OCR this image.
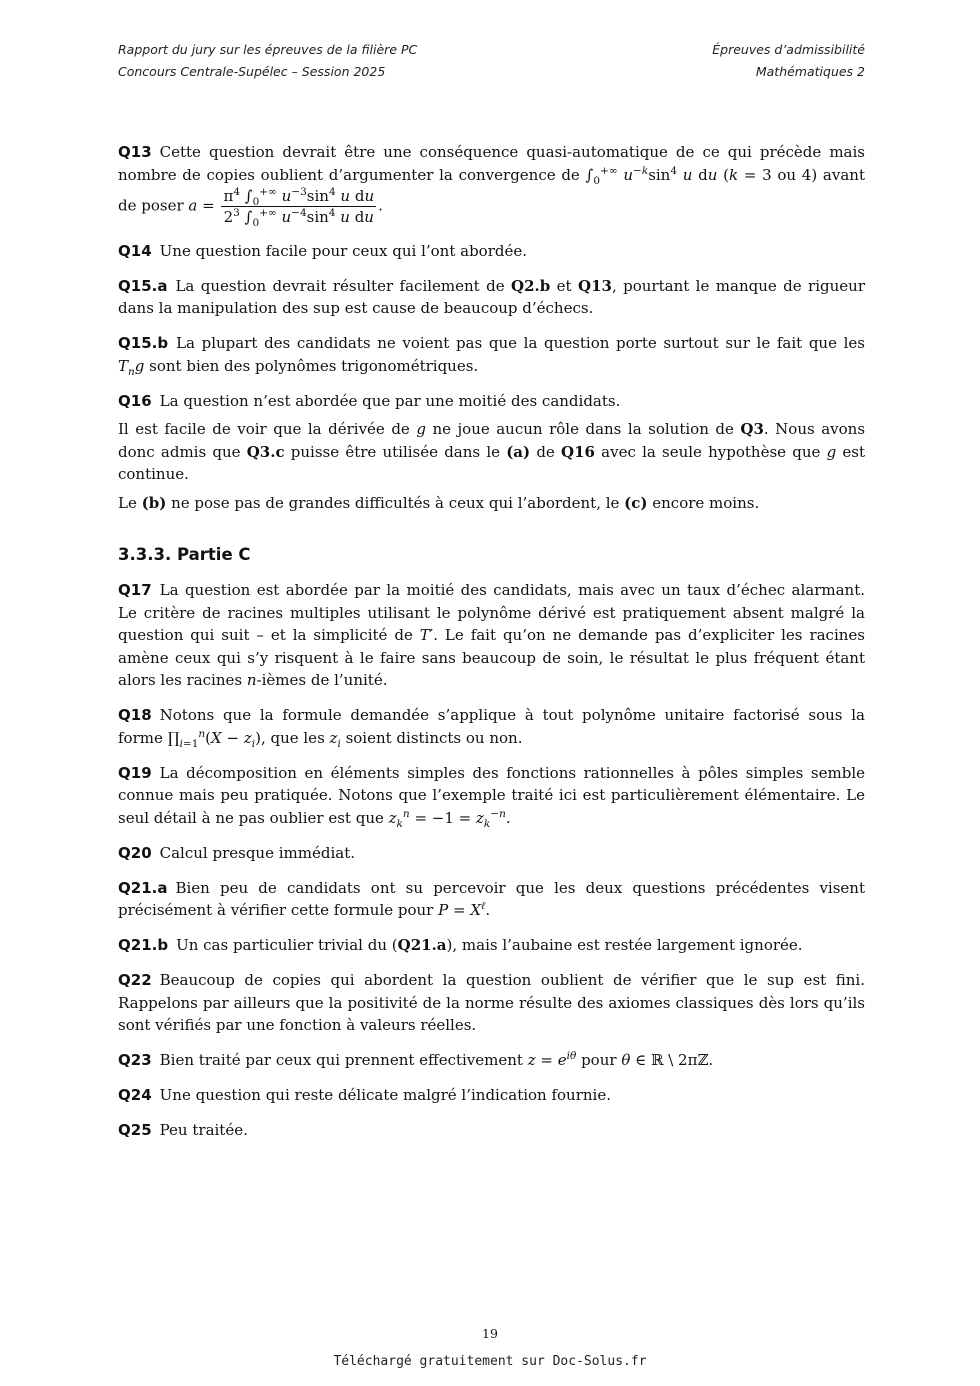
Rapport du jury sur les épreuves de la filière PC	Épreuves d’admissibilité
Concours Centrale-Supélec – Session 2025	Mathématiques 2

Q13 Cette question devrait être une conséquence quasi-automatique de ce qui précède mais nombre de copies oublient d’argumenter la convergence de $\int_0^{+\infty}$ $u^{-k}\sin^4$ u du (k = 3 ou 4) avant de poser $a = \frac{\pi^4 \int_0^{+\infty} u^{-3}\sin^4 u du}{2^3 \int_0^{+\infty} u^{-4}\sin^4 u du}$ .

Q14 Une question facile pour ceux qui l’ont abordée.

Q15.a La question devrait résulter facilement de Q2.b et Q13, pourtant le manque de rigueur dans la manipulation des sup est cause de beaucoup d’échecs.

Q15.b La plupart des candidats ne voient pas que la question porte surtout sur le fait que les $T_ng$ sont bien des polynômes trigonométriques.

Q16 La question n’est abordée que par une moitié des candidats.

Il est facile de voir que la dérivée de g ne joue aucun rôle dans la solution de Q3. Nous avons donc admis que Q3.c puisse être utilisée dans le (a) de Q16 avec la seule hypothèse que g est continue.

Le (b) ne pose pas de grandes difficultés à ceux qui l’abordent, le (c) encore moins.

3.3.3. Partie C

Q17 La question est abordée par la moitié des candidats, mais avec un taux d’échec alarmant. Le critère de racines multiples utilisant le polynôme dérivé est pratiquement absent malgré la question qui suit – et la simplicité de T′. Le fait qu’on ne demande pas d’expliciter les racines amène ceux qui s’y risquent à le faire sans beaucoup de soin, le résultat le plus fréquent étant alors les racines n-ièmes de l’unité.

Q18 Notons que la formule demandée s’applique à tout polynôme unitaire factorisé sous la forme $\prod_{i=1}^n(X - z_i)$, que les $z_i$ soient distincts ou non.

Q19 La décomposition en éléments simples des fonctions rationnelles à pôles simples semble connue mais peu pratiquée. Notons que l’exemple traité ici est particulièrement élémentaire. Le seul détail à ne pas oublier est que $z_k^n = -1 = z_k^{-n}$.

Q20 Calcul presque immédiat.

Q21.a Bien peu de candidats ont su percevoir que les deux questions précédentes visent précisément à vérifier cette formule pour $P = X^\ell$.

Q21.b Un cas particulier trivial du (Q21.a), mais l’aubaine est restée largement ignorée.

Q22 Beaucoup de copies qui abordent la question oublient de vérifier que le sup est fini. Rappelons par ailleurs que la positivité de la norme résulte des axiomes classiques dès lors qu’ils sont vérifiés par une fonction à valeurs réelles.

Q23 Bien traité par ceux qui prennent effectivement $z = e^{i\theta}$ pour θ ∈ ℝ \ 2πℤ.

Q24 Une question qui reste délicate malgré l’indication fournie.

Q25 Peu traitée.

19
Téléchargé gratuitement sur Doc-Solus.fr
